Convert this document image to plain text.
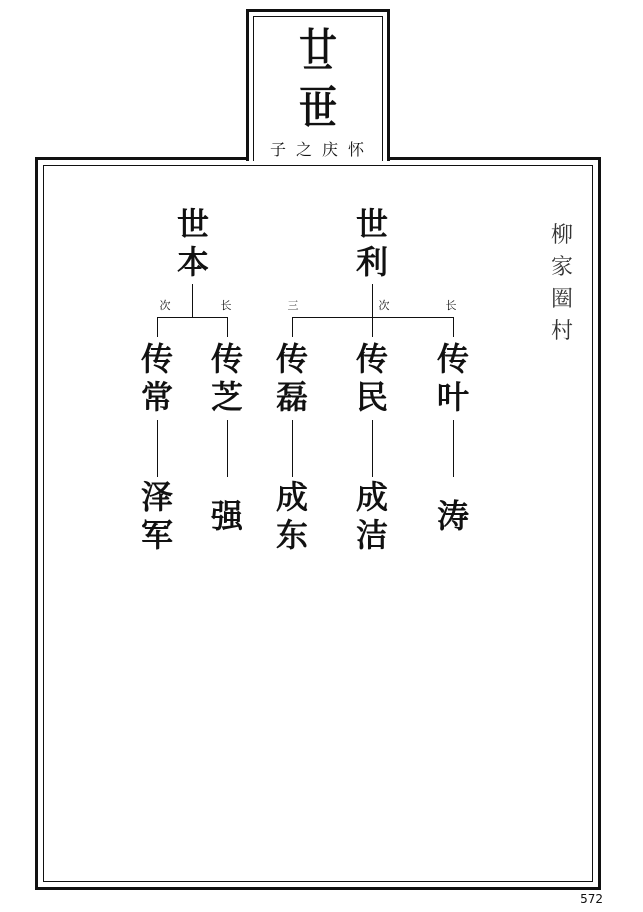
廿
二
世
子之庆怀
柳
家
圈
村
世
本
世
利
次	长	三	次	长
传
常
传
芝
传
磊
传
民
传
叶
泽
军 强 成
东
成
洁 涛
572
